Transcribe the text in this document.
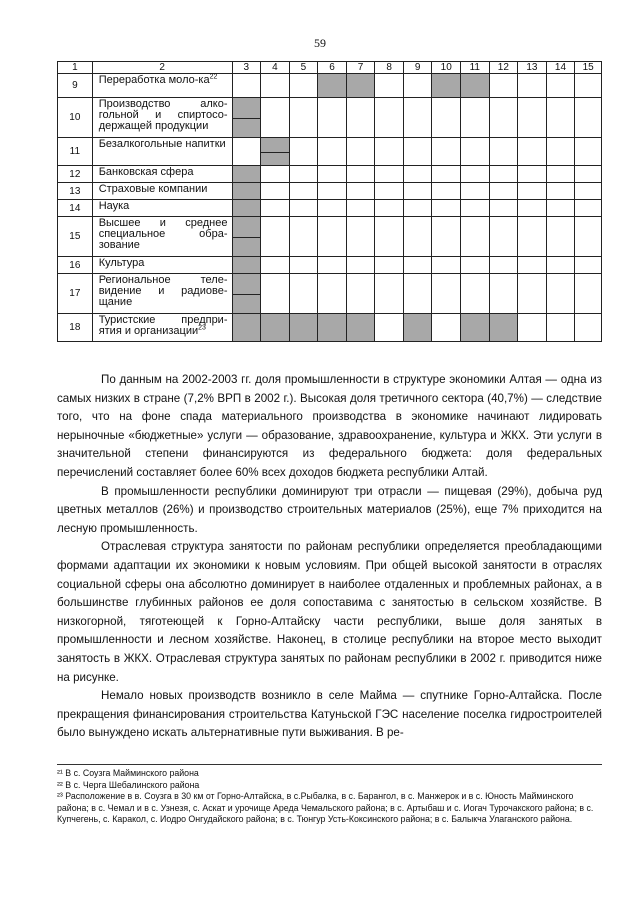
59
1	2	3	4	5	6	7	8	9	10	11	12	13	14	15
9	Переработка моло-$ка^{22}$													
10	Производство алко-гольной и спиртосо-держащей продукции	

11	Безалкогольные напитки		

12	Банковская сфера													
13	Страховые компании													
14	Наука													
15	Высшее и среднее специальное обра-зование	

16	Культура													
17	Региональное теле-видение и радиове-щание	

18	Туристские предпри-ятия и организации$^{23}$													

По данным на 2002-2003 гг. доля промышленности в структуре экономики Алтая — одна из самых низких в стране (7,2% ВРП в 2002 г.). Высокая доля третичного сектора (40,7%) — следствие того, что на фоне спада материального производства в экономике начинают лидировать нерыночные «бюджетные» услуги — образование, здравоохранение, культура и ЖКХ. Эти услуги в значительной степени финансируются из федерального бюджета: доля федеральных перечислений составляет более 60% всех доходов бюджета республики Алтай.

В промышленности республики доминируют три отрасли — пищевая (29%), добыча руд цветных металлов (26%) и производство строительных материалов (25%), еще 7% приходится на лесную промышленность.

Отраслевая структура занятости по районам республики определяется преобладающими формами адаптации их экономики к новым условиям. При общей высокой занятости в отраслях социальной сферы она абсолютно доминирует в наиболее отдаленных и проблемных районах, а в большинстве глубинных районов ее доля сопоставима с занятостью в сельском хозяйстве. В низкогорной, тяготеющей к Горно-Алтайску части республики, выше доля занятых в промышленности и лесном хозяйстве. Наконец, в столице республики на второе место выходит занятость в ЖКХ. Отраслевая структура занятых по районам республики в 2002 г. приводится ниже на рисунке.

Немало новых производств возникло в селе Майма — спутнике Горно-Алтайска. После прекращения финансирования строительства Катуньской ГЭС население поселка гидростроителей было вынуждено искать альтернативные пути выживания. В ре-

²¹ В с. Соузга Майминского района
²² В с. Черга Шебалинского района
²³ Расположение в в. Соузга в 30 км от Горно-Алтайска, в с.Рыбалка, в с. Барангол, в с. Манжерок и в с. Юность Майминского района; в с. Чемал и в с. Узнезя, с. Аскат и урочище Ареда Чемальского района; в с. Артыбаш и с. Иогач Турочакского района; в с. Купчегень, с. Каракол, с. Иодро Онгудайского района; в с. Тюнгур Усть-Коксинского района; в с. Балыкча Улаганского района.
